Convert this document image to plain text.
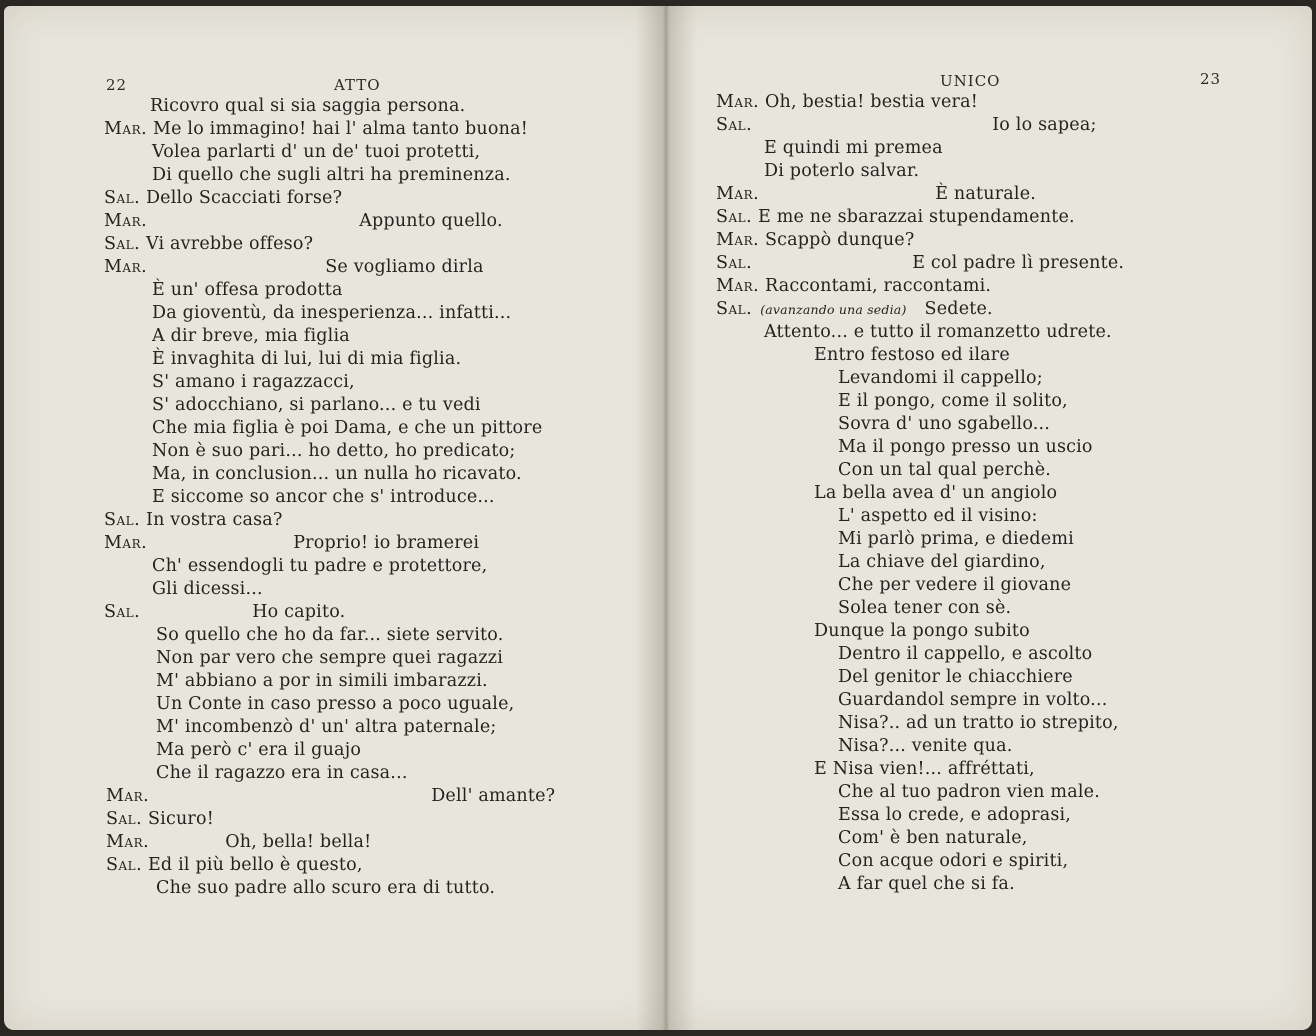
22	ATTO
Ricovro qual si sia saggia persona.
Mar. Me lo immagino! hai l' alma tanto buona!
Volea parlarti d' un de' tuoi protetti,
Di quello che sugli altri ha preminenza.
Sal. Dello Scacciati forse?
Mar.	Appunto quello.
Sal. Vi avrebbe offeso?
Mar.	Se vogliamo dirla
È un' offesa prodotta
Da gioventù, da inesperienza... infatti...
A dir breve, mia figlia
È invaghita di lui, lui di mia figlia.
S' amano i ragazzacci,
S' adocchiano, si parlano... e tu vedi
Che mia figlia è poi Dama, e che un pittore
Non è suo pari... ho detto, ho predicato;
Ma, in conclusion... un nulla ho ricavato.
E siccome so ancor che s' introduce...
Sal. In vostra casa?
Mar.	Proprio! io bramerei
Ch' essendogli tu padre e protettore,
Gli dicessi...
Sal.	Ho capito.
So quello che ho da far... siete servito.
Non par vero che sempre quei ragazzi
M' abbiano a por in simili imbarazzi.
Un Conte in caso presso a poco uguale,
M' incombenzò d' un' altra paternale;
Ma però c' era il guajo
Che il ragazzo era in casa...
Mar.	Dell' amante?
Sal. Sicuro!
Mar.	Oh, bella! bella!
Sal. Ed il più bello è questo,
Che suo padre allo scuro era di tutto.
UNICO	23
Mar. Oh, bestia! bestia vera!
Sal.	Io lo sapea;
E quindi mi premea
Di poterlo salvar.
Mar.	È naturale.
Sal. E me ne sbarazzai stupendamente.
Mar. Scappò dunque?
Sal.	E col padre lì presente.
Mar. Raccontami, raccontami.
Sal. (avanzando una sedia) Sedete.
Attento... e tutto il romanzetto udrete.
Entro festoso ed ilare
Levandomi il cappello;
E il pongo, come il solito,
Sovra d' uno sgabello...
Ma il pongo presso un uscio
Con un tal qual perchè.
La bella avea d' un angiolo
L' aspetto ed il visino:
Mi parlò prima, e diedemi
La chiave del giardino,
Che per vedere il giovane
Solea tener con sè.
Dunque la pongo subito
Dentro il cappello, e ascolto
Del genitor le chiacchiere
Guardandol sempre in volto...
Nisa?.. ad un tratto io strepito,
Nisa?... venite qua.
E Nisa vien!... affréttati,
Che al tuo padron vien male.
Essa lo crede, e adoprasi,
Com' è ben naturale,
Con acque odori e spiriti,
A far quel che si fa.
